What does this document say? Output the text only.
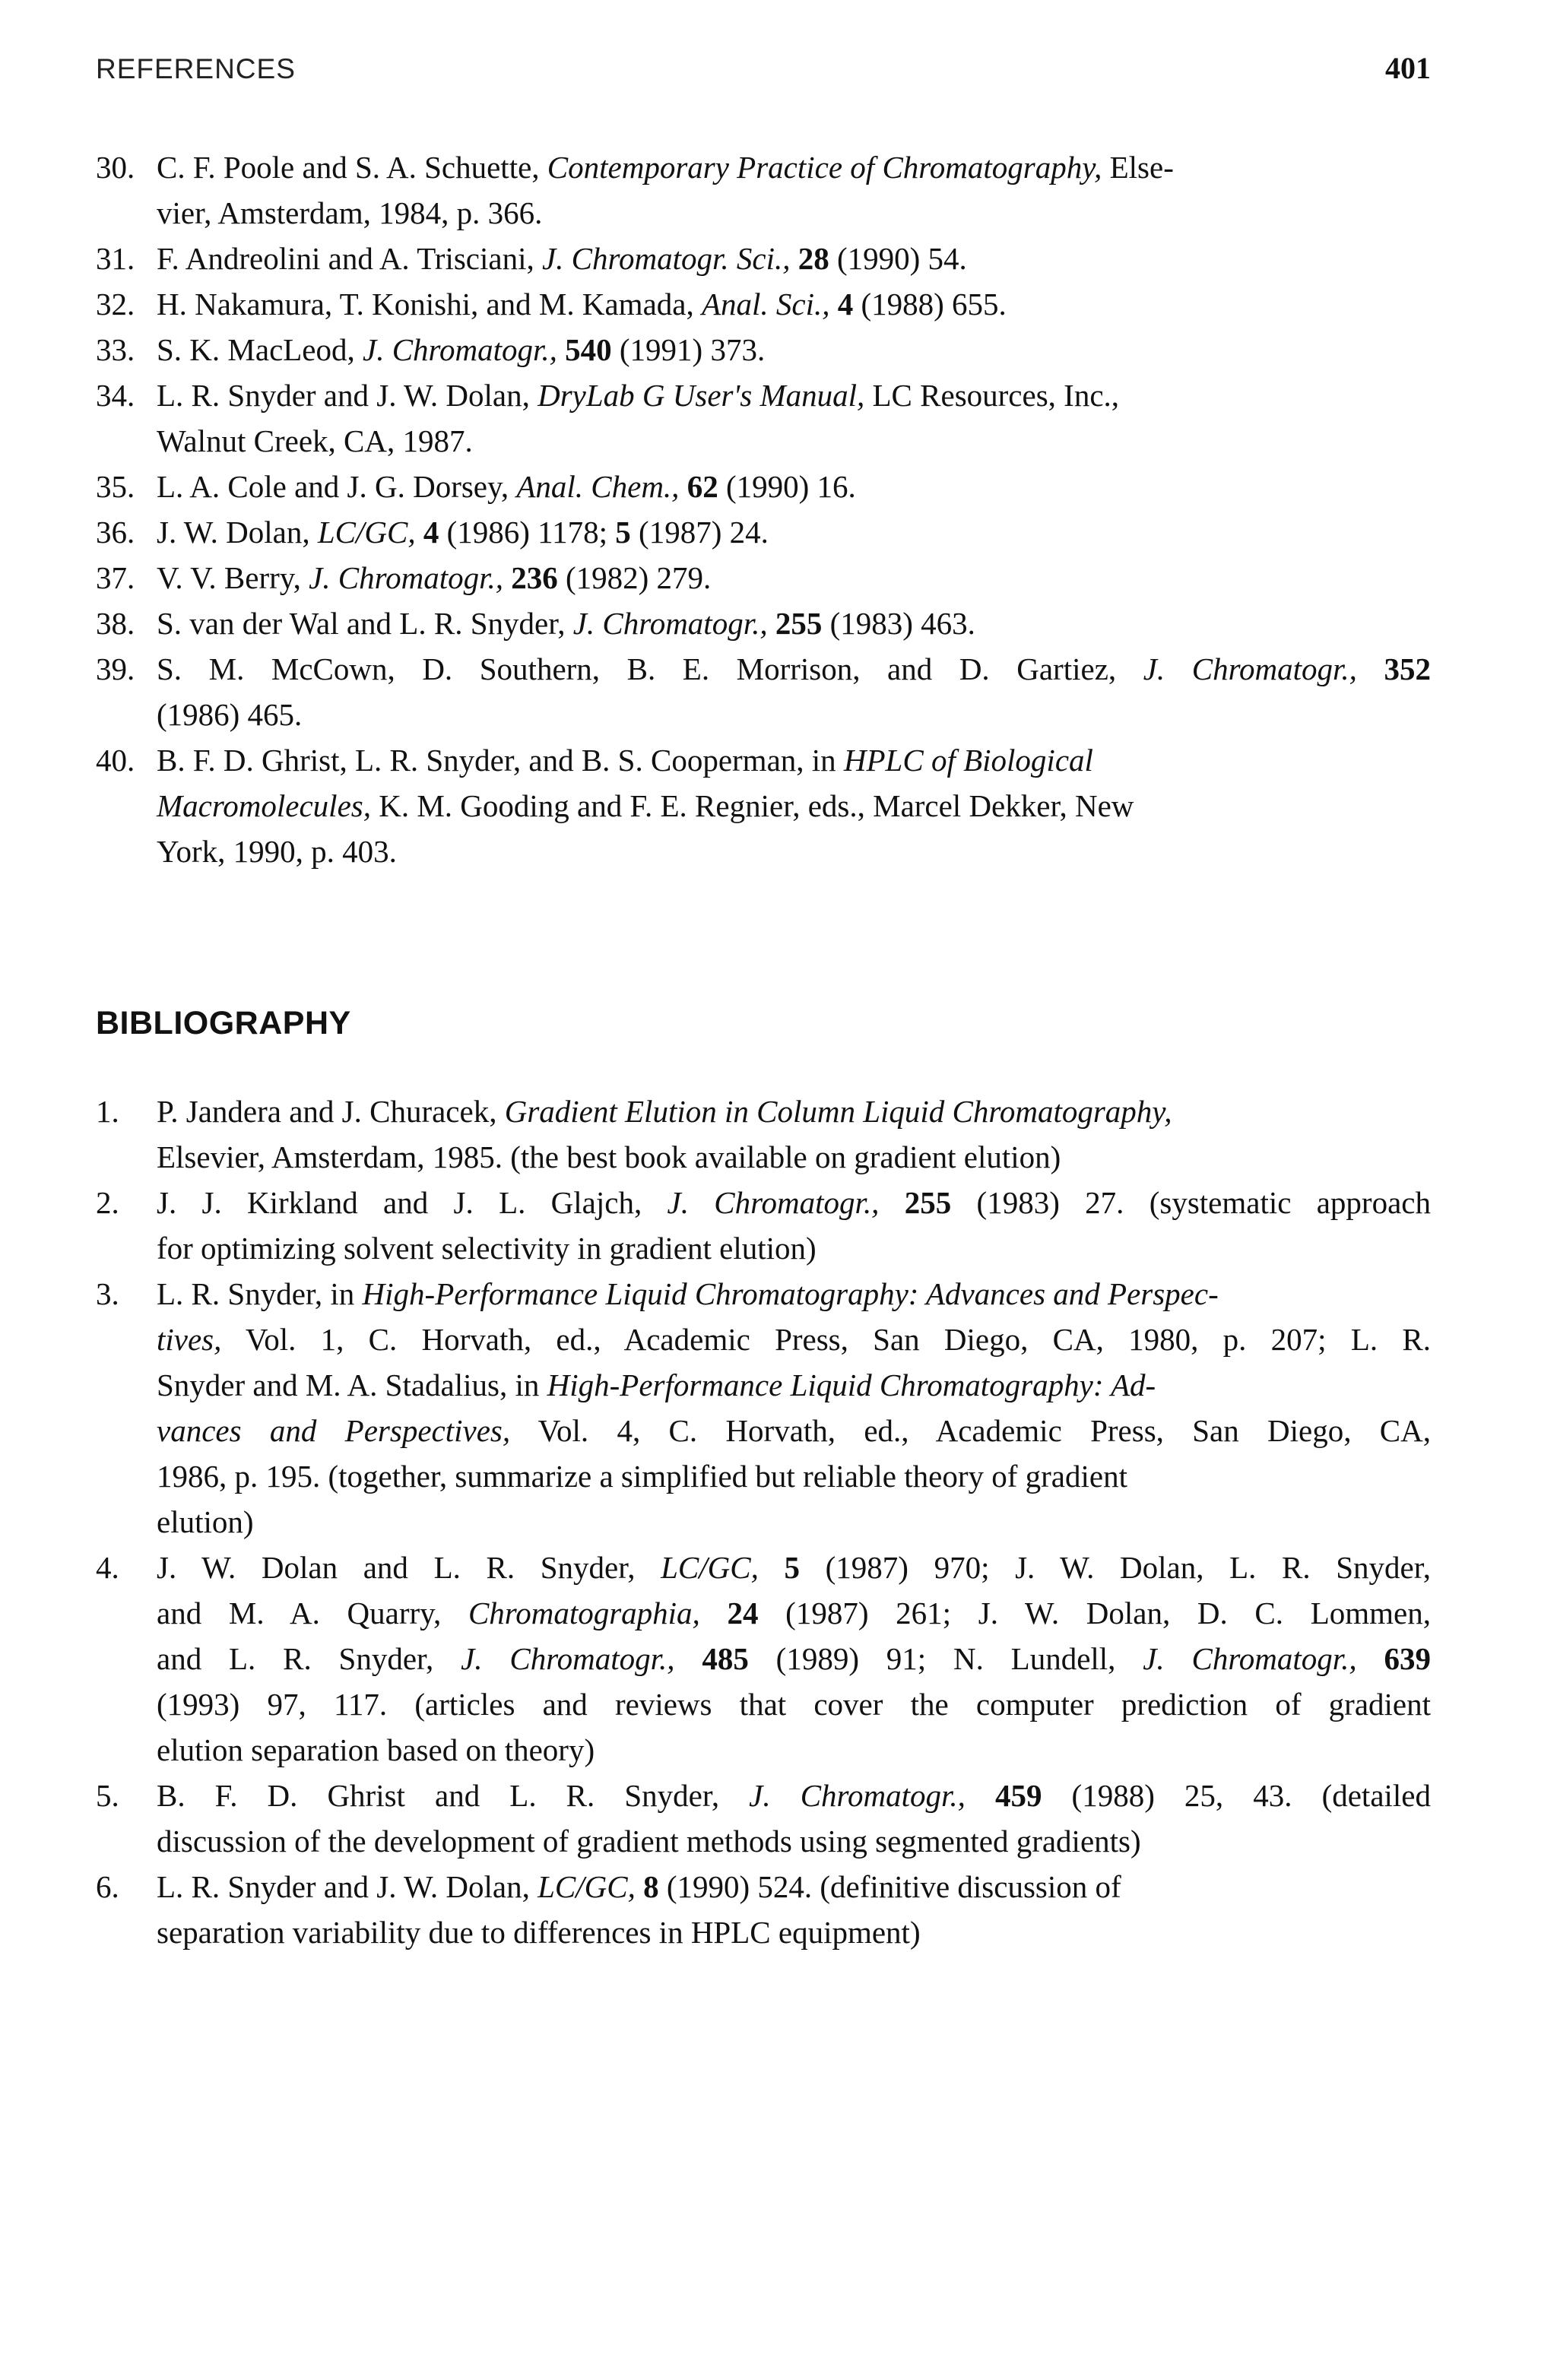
REFERENCES	401
30. C. F. Poole and S. A. Schuette, Contemporary Practice of Chromatography, Else-
vier, Amsterdam, 1984, p. 366.
31. F. Andreolini and A. Trisciani, J. Chromatogr. Sci., 28 (1990) 54.
32. H. Nakamura, T. Konishi, and M. Kamada, Anal. Sci., 4 (1988) 655.
33. S. K. MacLeod, J. Chromatogr., 540 (1991) 373.
34. L. R. Snyder and J. W. Dolan, DryLab G User's Manual, LC Resources, Inc.,
Walnut Creek, CA, 1987.
35. L. A. Cole and J. G. Dorsey, Anal. Chem., 62 (1990) 16.
36. J. W. Dolan, LC/GC, 4 (1986) 1178; 5 (1987) 24.
37. V. V. Berry, J. Chromatogr., 236 (1982) 279.
38. S. van der Wal and L. R. Snyder, J. Chromatogr., 255 (1983) 463.
39. S. M. McCown, D. Southern, B. E. Morrison, and D. Gartiez, J. Chromatogr., 352
(1986) 465.
40. B. F. D. Ghrist, L. R. Snyder, and B. S. Cooperman, in HPLC of Biological
Macromolecules, K. M. Gooding and F. E. Regnier, eds., Marcel Dekker, New
York, 1990, p. 403.
BIBLIOGRAPHY
1. P. Jandera and J. Churacek, Gradient Elution in Column Liquid Chromatography,
Elsevier, Amsterdam, 1985. (the best book available on gradient elution)
2. J. J. Kirkland and J. L. Glajch, J. Chromatogr., 255 (1983) 27. (systematic approach
for optimizing solvent selectivity in gradient elution)
3. L. R. Snyder, in High-Performance Liquid Chromatography: Advances and Perspec-
tives, Vol. 1, C. Horvath, ed., Academic Press, San Diego, CA, 1980, p. 207; L. R.
Snyder and M. A. Stadalius, in High-Performance Liquid Chromatography: Ad-
vances and Perspectives, Vol. 4, C. Horvath, ed., Academic Press, San Diego, CA,
1986, p. 195. (together, summarize a simplified but reliable theory of gradient
elution)
4. J. W. Dolan and L. R. Snyder, LC/GC, 5 (1987) 970; J. W. Dolan, L. R. Snyder,
and M. A. Quarry, Chromatographia, 24 (1987) 261; J. W. Dolan, D. C. Lommen,
and L. R. Snyder, J. Chromatogr., 485 (1989) 91; N. Lundell, J. Chromatogr., 639
(1993) 97, 117. (articles and reviews that cover the computer prediction of gradient
elution separation based on theory)
5. B. F. D. Ghrist and L. R. Snyder, J. Chromatogr., 459 (1988) 25, 43. (detailed
discussion of the development of gradient methods using segmented gradients)
6. L. R. Snyder and J. W. Dolan, LC/GC, 8 (1990) 524. (definitive discussion of
separation variability due to differences in HPLC equipment)
